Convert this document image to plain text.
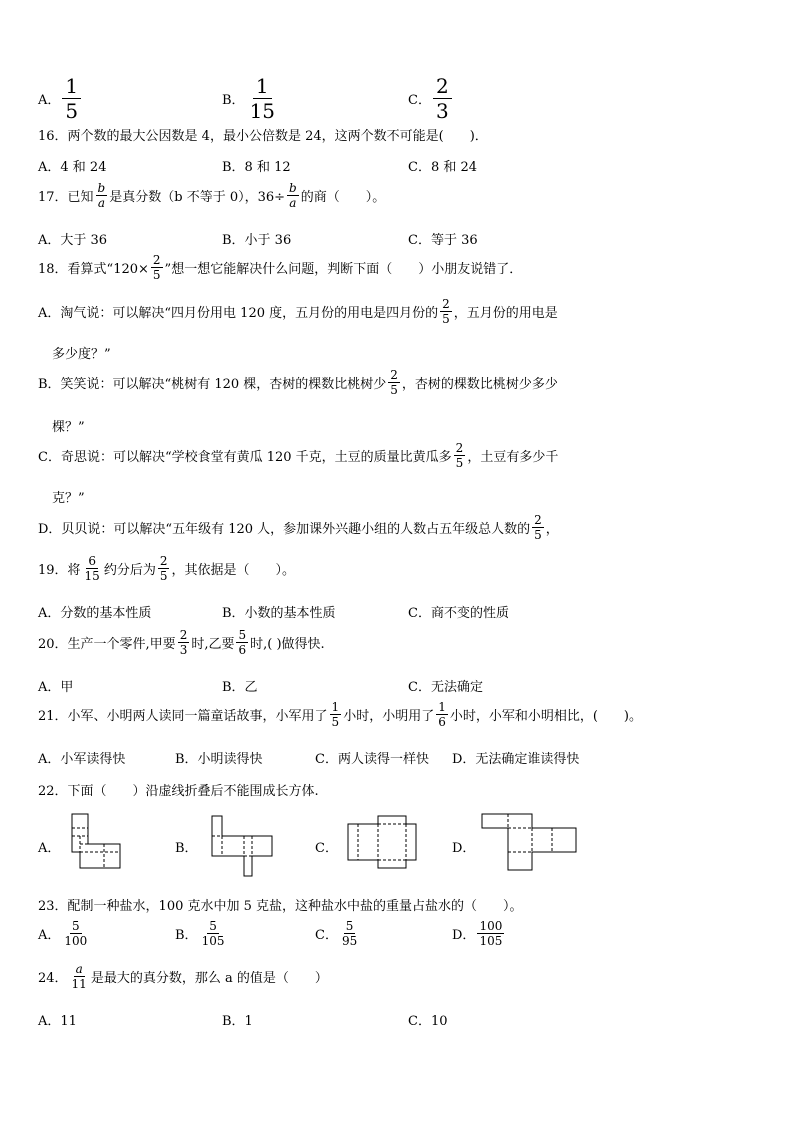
A． $\frac{1}{5}$	B． $\frac{1}{15}$	C． $\frac{2}{3}$
16．两个数的最大公因数是 4，最小公倍数是 24，这两个数不可能是(　　)．
A．4 和 24	B．8 和 12	C．8 和 24
17．已知 $\frac{b}{a}$ 是真分数（b 不等于 0），$36\div \frac{b}{a}$ 的商（　　）。
A．大于 36	B．小于 36	C．等于 36
18．看算式“$120\times \frac{2}{5}$ ”想一想它能解决什么问题，判断下面（　　）小朋友说错了．
A．淘气说：可以解决“四月份用电 120 度，五月份的用电是四月份的 $\frac{2}{5}$ ，五月份的用电是
多少度？”
B．笑笑说：可以解决“桃树有 120 棵，杏树的棵数比桃树少 $\frac{2}{5}$ ，杏树的棵数比桃树少多少
棵？”
C．奇思说：可以解决“学校食堂有黄瓜 120 千克，土豆的质量比黄瓜多 $\frac{2}{5}$ ，土豆有多少千
克？”
D．贝贝说：可以解决“五年级有 120 人，参加课外兴趣小组的人数占五年级总人数的 $\frac{2}{5}$ ，
19．将 $\frac{6}{15}$ 约分后为 $\frac{2}{5}$ ，其依据是（　　）。
A．分数的基本性质	B．小数的基本性质	C．商不变的性质
20．生产一个零件,甲要 $\frac{2}{3}$ 时,乙要 $\frac{5}{6}$ 时,( )做得快.
A．甲	B．乙	C．无法确定
21．小军、小明两人读同一篇童话故事，小军用了 $\frac{1}{5}$ 小时，小明用了 $\frac{1}{6}$ 小时，小军和小明相比，(　　)。
A．小军读得快	B．小明读得快	C．两人读得一样快 D．无法确定谁读得快
22．下面（　　）沿虚线折叠后不能围成长方体.
A．	B．	C．	D．
23．配制一种盐水，100 克水中加 5 克盐，这种盐水中盐的重量占盐水的（　　）。
A． $\frac{5}{100}$	B． $\frac{5}{105}$	C． $\frac{5}{95}$	D． $\frac{100}{105}$
24． $\frac{a}{11}$ 是最大的真分数，那么 a 的值是（　　）
A．11	B．1	C．10
